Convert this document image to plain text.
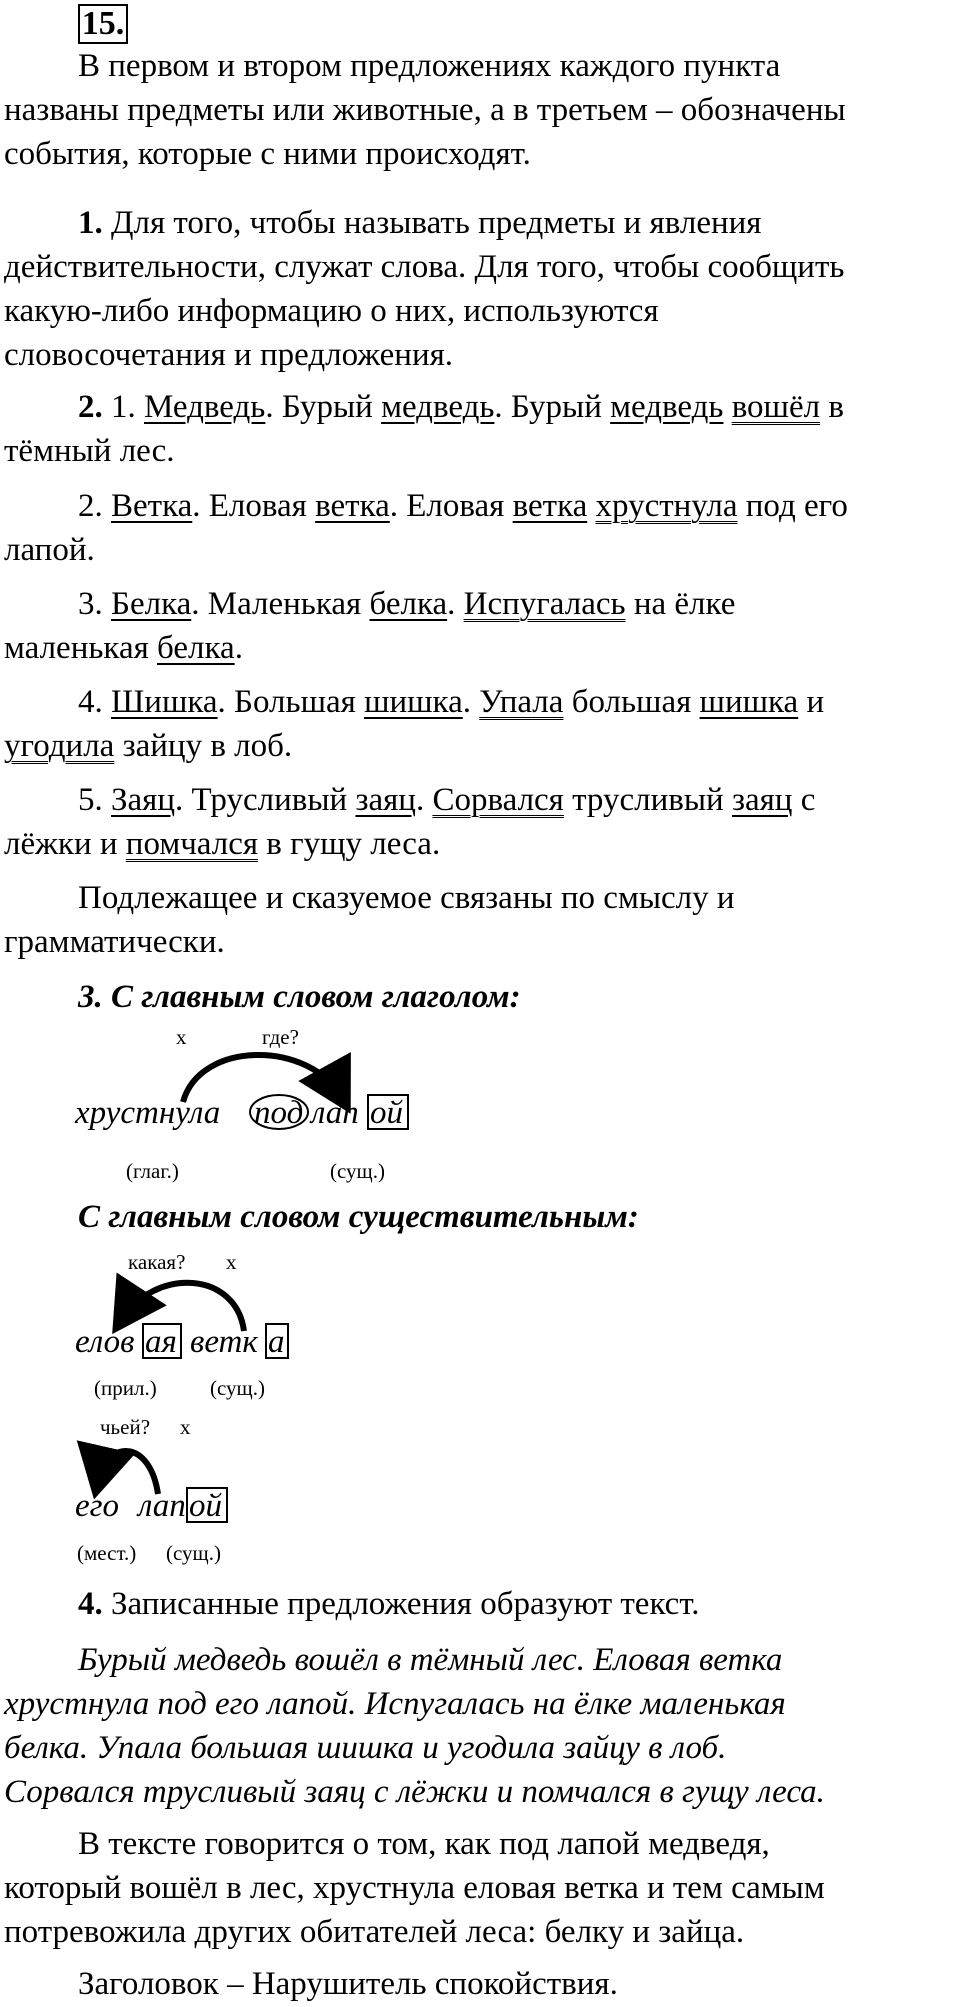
15.
В первом и втором предложениях каждого пункта
названы предметы или животные, а в третьем – обозначены
события, которые с ними происходят.
1. Для того, чтобы называть предметы и явления
действительности, служат слова. Для того, чтобы сообщить
какую-либо информацию о них, используются
словосочетания и предложения.
2. 1. Медведь. Бурый медведь. Бурый медведь вошёл в
тёмный лес.
2. Ветка. Еловая ветка. Еловая ветка хрустнула под его
лапой.
3. Белка. Маленькая белка. Испугалась на ёлке
маленькая белка.
4. Шишка. Большая шишка. Упала большая шишка и
угодила зайцу в лоб.
5. Заяц. Трусливый заяц. Сорвался трусливый заяц с
лёжки и помчался в гущу леса.
Подлежащее и сказуемое связаны по смыслу и
грамматически.
3. С главным словом глаголом:
х	где?
хрустнула под лап ой
(глаг.)	(сущ.)
С главным словом существительным:
какая? х
елов ая ветк а
(прил.)	(сущ.)
чьей? х
его лап ой
(мест.) (сущ.)
4. Записанные предложения образуют текст.
Бурый медведь вошёл в тёмный лес. Еловая ветка
хрустнула под его лапой. Испугалась на ёлке маленькая
белка. Упала большая шишка и угодила зайцу в лоб.
Сорвался трусливый заяц с лёжки и помчался в гущу леса.
В тексте говорится о том, как под лапой медведя,
который вошёл в лес, хрустнула еловая ветка и тем самым
потревожила других обитателей леса: белку и зайца.
Заголовок – Нарушитель спокойствия.
